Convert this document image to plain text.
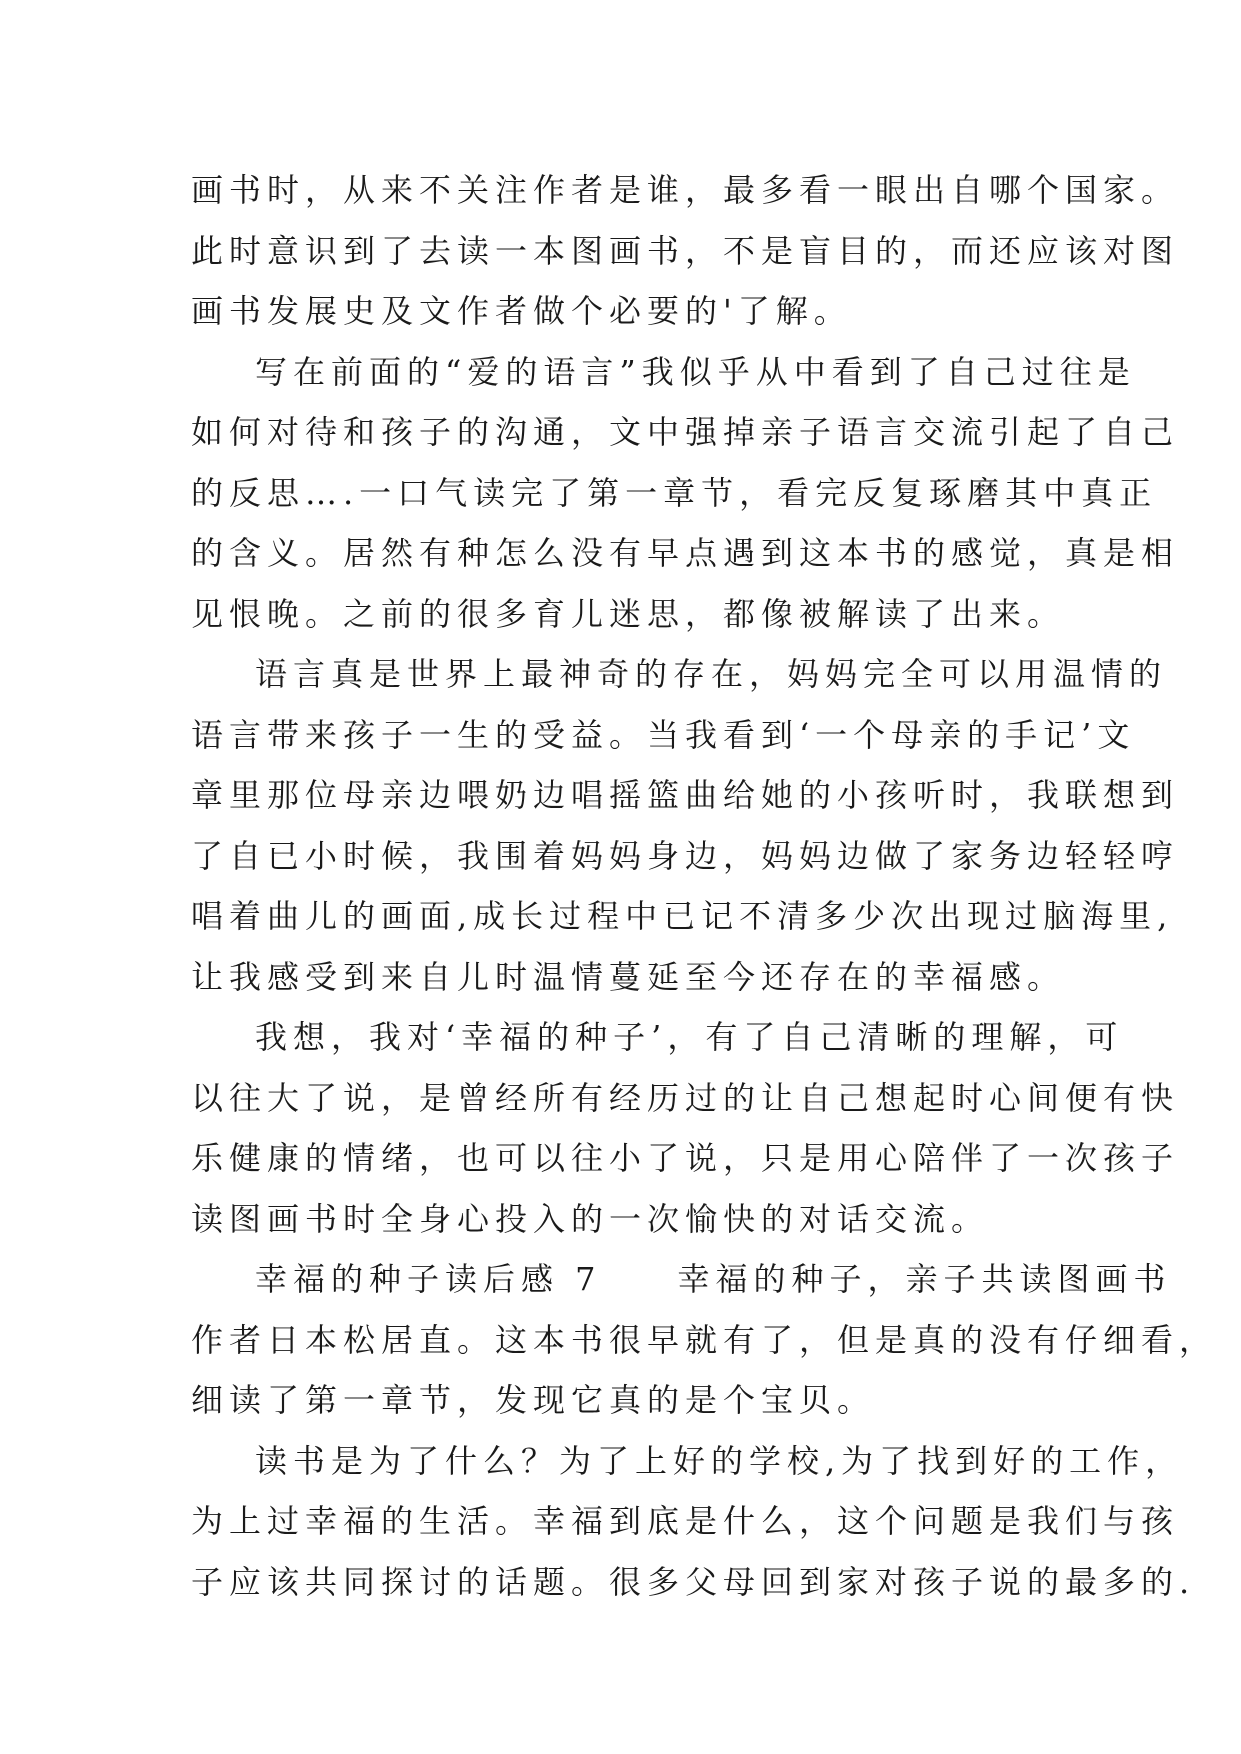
画书时，从来不关注作者是谁，最多看一眼出自哪个国家。
此时意识到了去读一本图画书，不是盲目的，而还应该对图
画书发展史及文作者做个必要的'了解。
写在前面的“爱的语言”我似乎从中看到了自己过往是
如何对待和孩子的沟通，文中强掉亲子语言交流引起了自己
的反思….一口气读完了第一章节，看完反复琢磨其中真正
的含义。居然有种怎么没有早点遇到这本书的感觉，真是相
见恨晚。之前的很多育儿迷思，都像被解读了出来。
语言真是世界上最神奇的存在，妈妈完全可以用温情的
语言带来孩子一生的受益。当我看到‘一个母亲的手记’文
章里那位母亲边喂奶边唱摇篮曲给她的小孩听时，我联想到
了自已小时候，我围着妈妈身边，妈妈边做了家务边轻轻哼
唱着曲儿的画面,成长过程中已记不清多少次出现过脑海里,
让我感受到来自儿时温情蔓延至今还存在的幸福感。
我想，我对‘幸福的种子’，有了自己清晰的理解，可
以往大了说，是曾经所有经历过的让自己想起时心间便有快
乐健康的情绪，也可以往小了说，只是用心陪伴了一次孩子
读图画书时全身心投入的一次愉快的对话交流。
幸福的种子读后感 7　　幸福的种子，亲子共读图画书
作者日本松居直。这本书很早就有了，但是真的没有仔细看，
细读了第一章节，发现它真的是个宝贝。
读书是为了什么？为了上好的学校,为了找到好的工作，
为上过幸福的生活。幸福到底是什么，这个问题是我们与孩
子应该共同探讨的话题。很多父母回到家对孩子说的最多的.
